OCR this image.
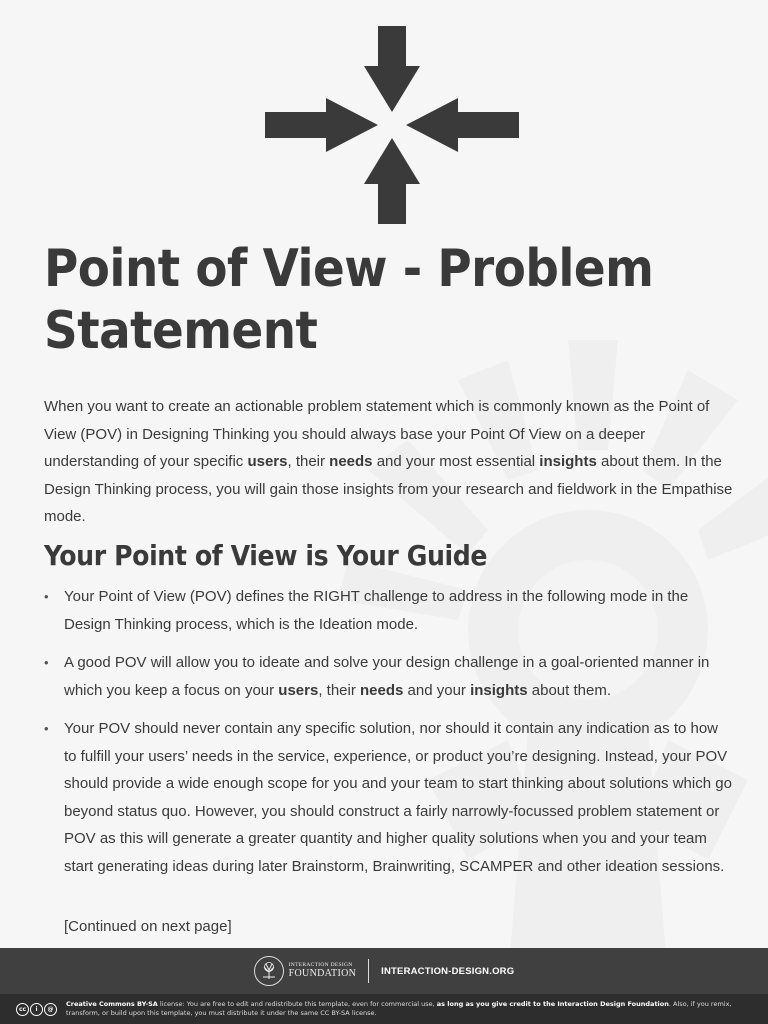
Point of View - Problem Statement

When you want to create an actionable problem statement which is commonly known as the Point of View (POV) in Designing Thinking you should always base your Point Of View on a deeper understanding of your specific users, their needs and your most essential insights about them. In the Design Thinking process, you will gain those insights from your research and fieldwork in the Empathise mode.

Your Point of View is Your Guide
• Your Point of View (POV) defines the RIGHT challenge to address in the following mode in the Design Thinking process, which is the Ideation mode.
• A good POV will allow you to ideate and solve your design challenge in a goal-oriented manner in which you keep a focus on your users, their needs and your insights about them.
• Your POV should never contain any specific solution, nor should it contain any indication as to how to fulfill your users’ needs in the service, experience, or product you’re designing. Instead, your POV should provide a wide enough scope for you and your team to start thinking about solutions which go beyond status quo. However, you should construct a fairly narrowly-focussed problem statement or POV as this will generate a greater quantity and higher quality solutions when you and your team start generating ideas during later Brainstorm, Brainwriting, SCAMPER and other ideation sessions.
[Continued on next page]
INTERACTION DESIGN
FOUNDATION	INTERACTION-DESIGN.ORG
cc	i	@
Creative Commons BY-SA license: You are free to edit and redistribute this template, even for commercial use, as long as you give credit to the Interaction Design Foundation. Also, if you remix, transform, or build upon this template, you must distribute it under the same CC BY-SA license.
